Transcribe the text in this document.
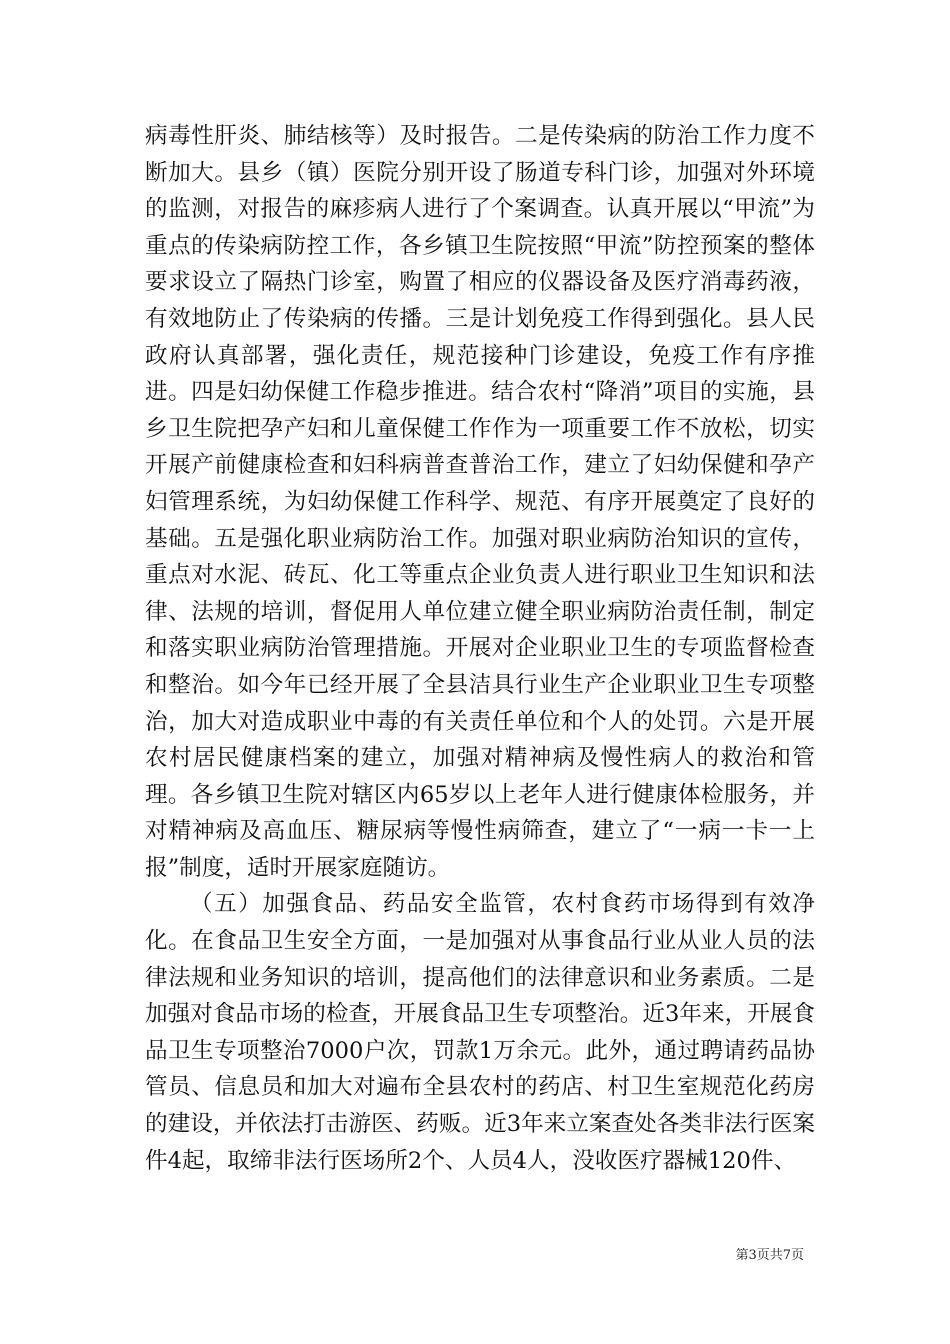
病毒性肝炎、肺结核等）及时报告。二是传染病的防治工作力度不断加大。县乡（镇）医院分别开设了肠道专科门诊，加强对外环境的监测，对报告的麻疹病人进行了个案调查。认真开展以“甲流”为重点的传染病防控工作，各乡镇卫生院按照“甲流”防控预案的整体要求设立了隔热门诊室，购置了相应的仪器设备及医疗消毒药液，有效地防止了传染病的传播。三是计划免疫工作得到强化。县人民政府认真部署，强化责任，规范接种门诊建设，免疫工作有序推进。四是妇幼保健工作稳步推进。结合农村“降消”项目的实施，县乡卫生院把孕产妇和儿童保健工作作为一项重要工作不放松，切实开展产前健康检查和妇科病普查普治工作，建立了妇幼保健和孕产妇管理系统，为妇幼保健工作科学、规范、有序开展奠定了良好的基础。五是强化职业病防治工作。加强对职业病防治知识的宣传，重点对水泥、砖瓦、化工等重点企业负责人进行职业卫生知识和法律、法规的培训，督促用人单位建立健全职业病防治责任制，制定和落实职业病防治管理措施。开展对企业职业卫生的专项监督检查和整治。如今年已经开展了全县洁具行业生产企业职业卫生专项整治，加大对造成职业中毒的有关责任单位和个人的处罚。六是开展农村居民健康档案的建立，加强对精神病及慢性病人的救治和管理。各乡镇卫生院对辖区内65岁以上老年人进行健康体检服务，并对精神病及高血压、糖尿病等慢性病筛查，建立了“一病一卡一上报”制度，适时开展家庭随访。

（五）加强食品、药品安全监管，农村食药市场得到有效净化。在食品卫生安全方面，一是加强对从事食品行业从业人员的法律法规和业务知识的培训，提高他们的法律意识和业务素质。二是加强对食品市场的检查，开展食品卫生专项整治。近3年来，开展食品卫生专项整治7000户次，罚款1万余元。此外，通过聘请药品协管员、信息员和加大对遍布全县农村的药店、村卫生室规范化药房的建设，并依法打击游医、药贩。近3年来立案查处各类非法行医案件4起，取缔非法行医场所2个、人员4人，没收医疗器械120件、

第3页共7页
